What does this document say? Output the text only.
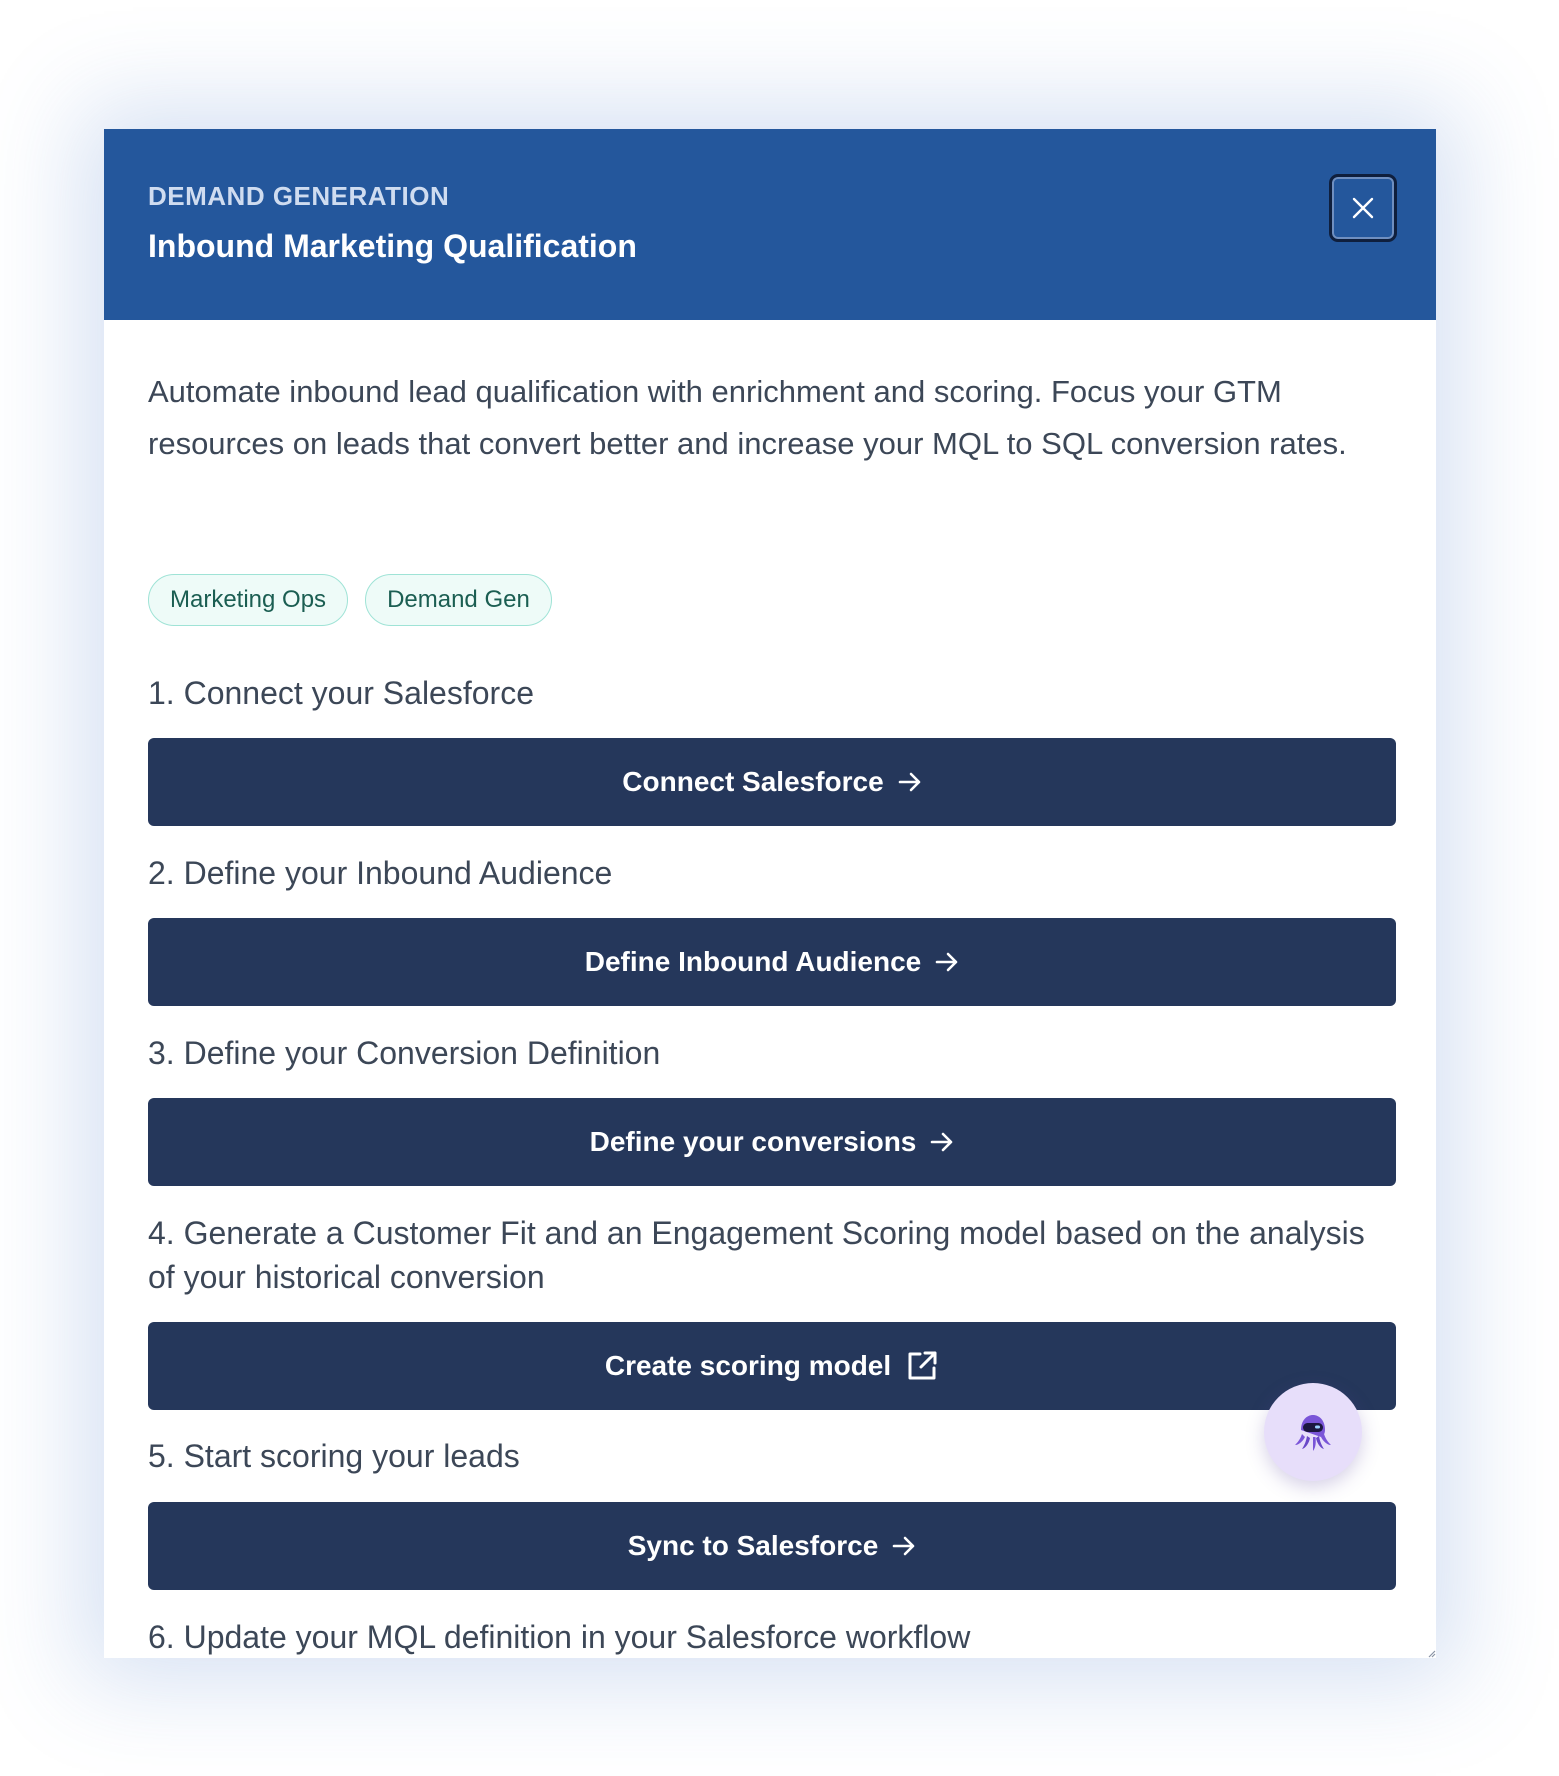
DEMAND GENERATION
Inbound Marketing Qualification

Automate inbound lead qualification with enrichment and scoring. Focus your GTM resources on leads that convert better and increase your MQL to SQL conversion rates.

Marketing Ops	Demand Gen

1. Connect your Salesforce

Connect Salesforce

2. Define your Inbound Audience

Define Inbound Audience

3. Define your Conversion Definition

Define your conversions

4. Generate a Customer Fit and an Engagement Scoring model based on the analysis of your historical conversion

Create scoring model

5. Start scoring your leads

Sync to Salesforce

6. Update your MQL definition in your Salesforce workflow
